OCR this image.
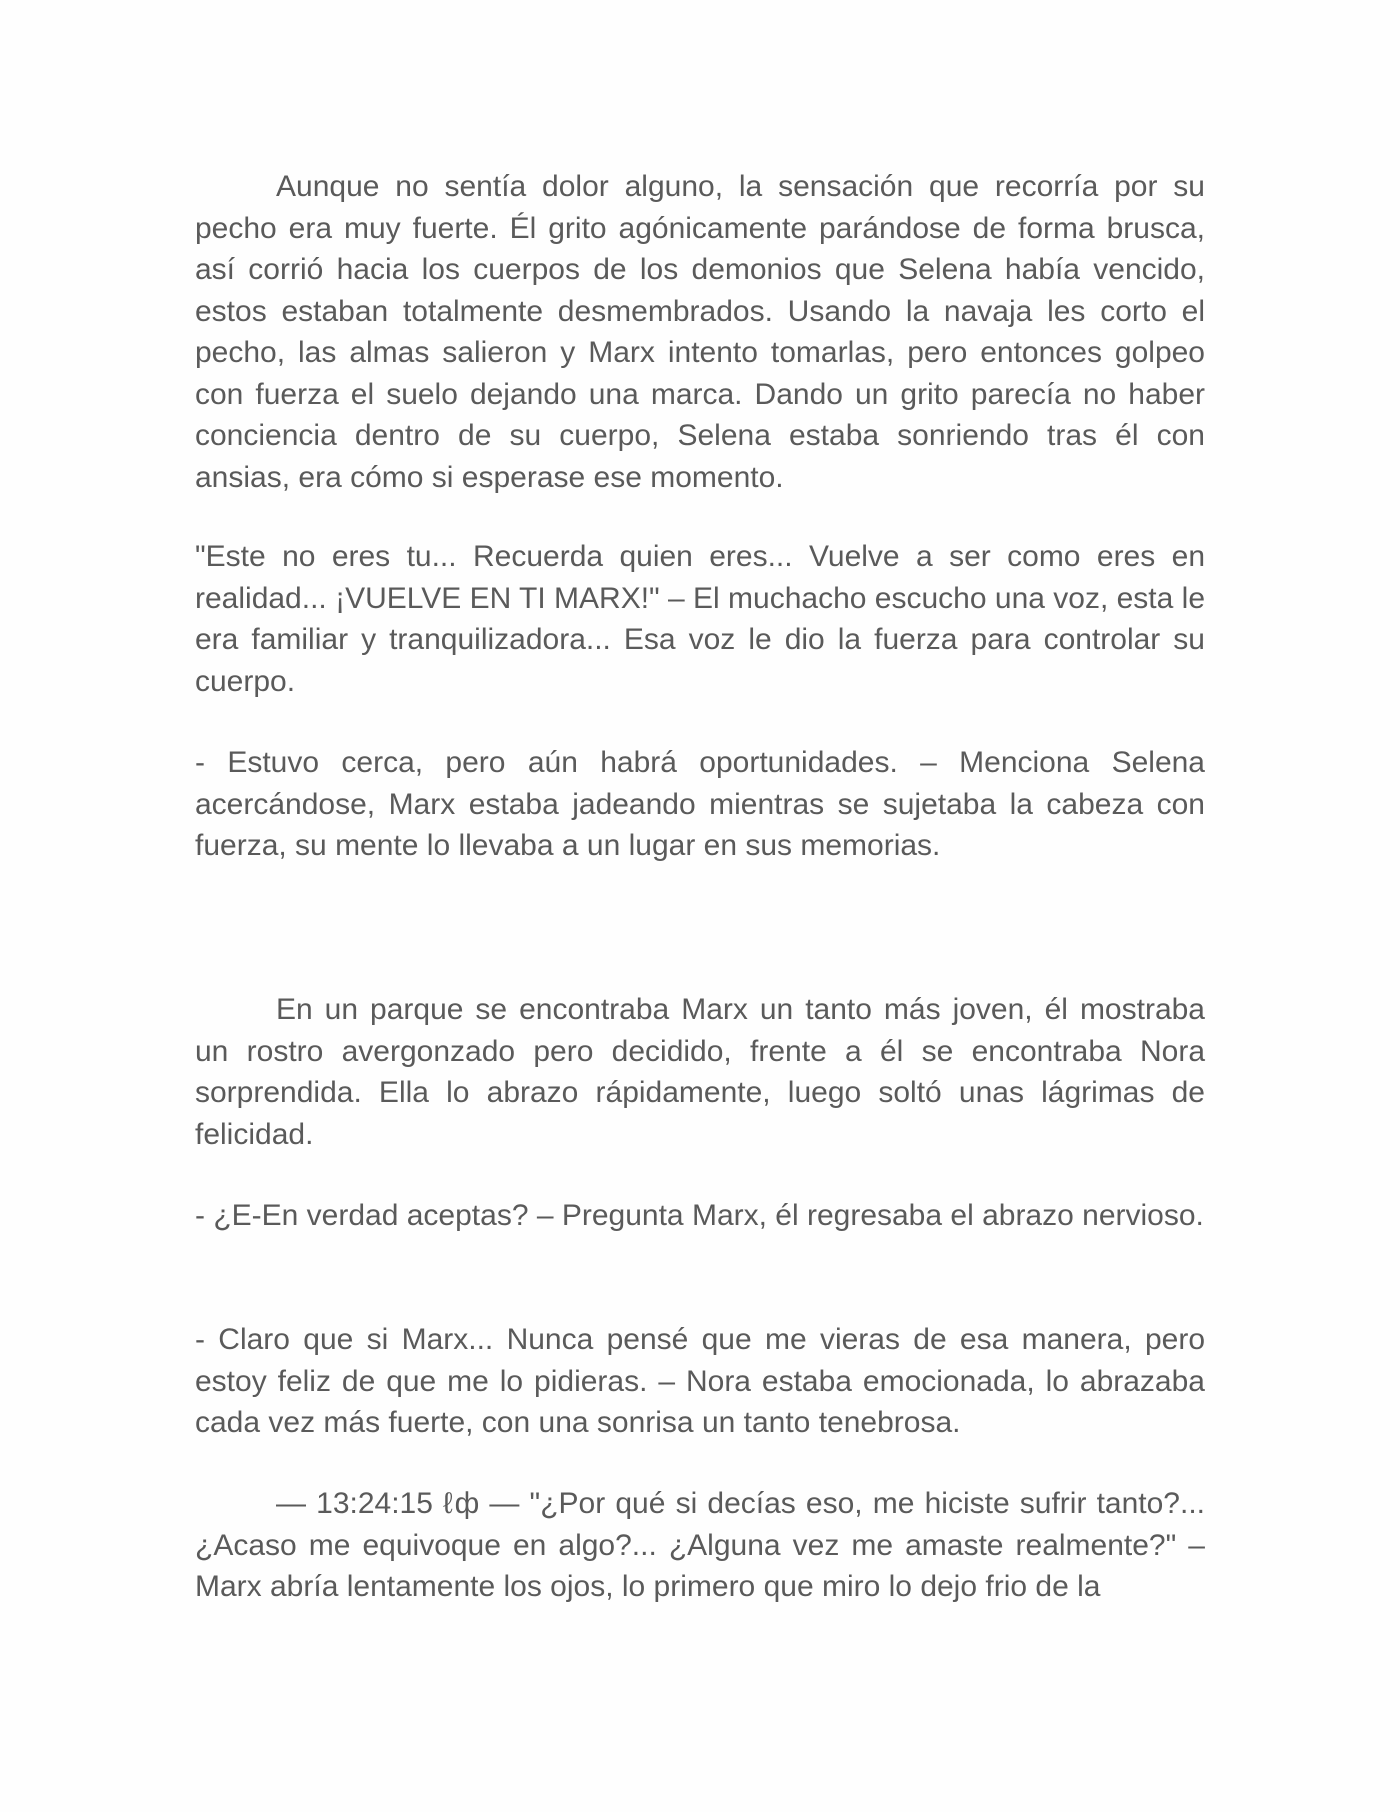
Aunque no sentía dolor alguno, la sensación que recorría por su pecho era muy fuerte. Él grito agónicamente parándose de forma brusca, así corrió hacia los cuerpos de los demonios que Selena había vencido, estos estaban totalmente desmembrados. Usando la navaja les corto el pecho, las almas salieron y Marx intento tomarlas, pero entonces golpeo con fuerza el suelo dejando una marca. Dando un grito parecía no haber conciencia dentro de su cuerpo, Selena estaba sonriendo tras él con ansias, era cómo si esperase ese momento.

"Este no eres tu... Recuerda quien eres... Vuelve a ser como eres en realidad... ¡VUELVE EN TI MARX!" – El muchacho escucho una voz, esta le era familiar y tranquilizadora... Esa voz le dio la fuerza para controlar su cuerpo.

- Estuvo cerca, pero aún habrá oportunidades. – Menciona Selena acercándose, Marx estaba jadeando mientras se sujetaba la cabeza con fuerza, su mente lo llevaba a un lugar en sus memorias.

En un parque se encontraba Marx un tanto más joven, él mostraba un rostro avergonzado pero decidido, frente a él se encontraba Nora sorprendida. Ella lo abrazo rápidamente, luego soltó unas lágrimas de felicidad.

- ¿E-En verdad aceptas? – Pregunta Marx, él regresaba el abrazo nervioso.

- Claro que si Marx... Nunca pensé que me vieras de esa manera, pero estoy feliz de que me lo pidieras. – Nora estaba emocionada, lo abrazaba cada vez más fuerte, con una sonrisa un tanto tenebrosa.

— 13:24:15 ℓф — "¿Por qué si decías eso, me hiciste sufrir tanto?... ¿Acaso me equivoque en algo?... ¿Alguna vez me amaste realmente?" – Marx abría lentamente los ojos, lo primero que miro lo dejo frio de la
